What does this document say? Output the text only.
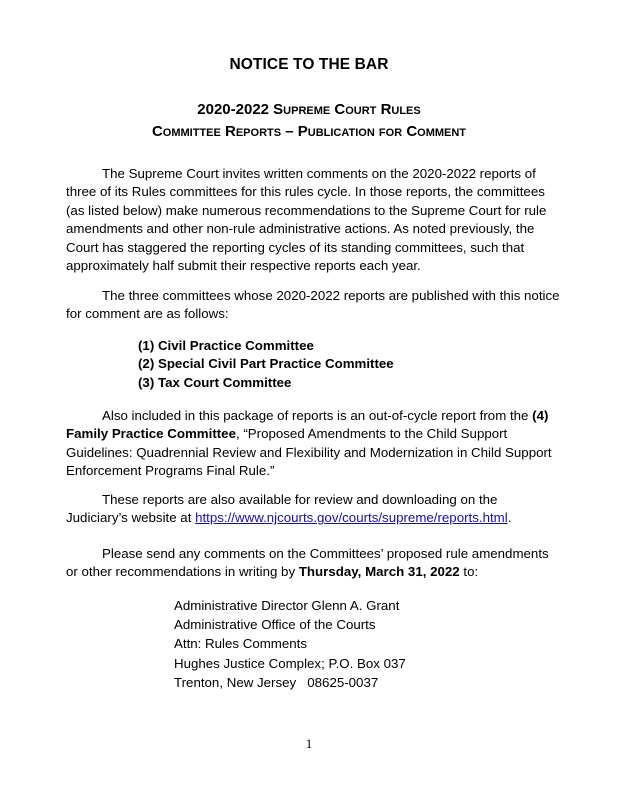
NOTICE TO THE BAR
2020-2022 Supreme Court Rules
Committee Reports – Publication for Comment

The Supreme Court invites written comments on the 2020-2022 reports of three of its Rules committees for this rules cycle. In those reports, the committees (as listed below) make numerous recommendations to the Supreme Court for rule amendments and other non-rule administrative actions. As noted previously, the Court has staggered the reporting cycles of its standing committees, such that approximately half submit their respective reports each year.

The three committees whose 2020-2022 reports are published with this notice for comment are as follows:

(1) Civil Practice Committee
(2) Special Civil Part Practice Committee
(3) Tax Court Committee

Also included in this package of reports is an out-of-cycle report from the (4) Family Practice Committee, “Proposed Amendments to the Child Support Guidelines: Quadrennial Review and Flexibility and Modernization in Child Support Enforcement Programs Final Rule.”

These reports are also available for review and downloading on the Judiciary’s website at https://www.njcourts.gov/courts/supreme/reports.html.

Please send any comments on the Committees’ proposed rule amendments or other recommendations in writing by Thursday, March 31, 2022 to:

Administrative Director Glenn A. Grant
Administrative Office of the Courts
Attn: Rules Comments
Hughes Justice Complex; P.O. Box 037
Trenton, New Jersey   08625-0037
1
